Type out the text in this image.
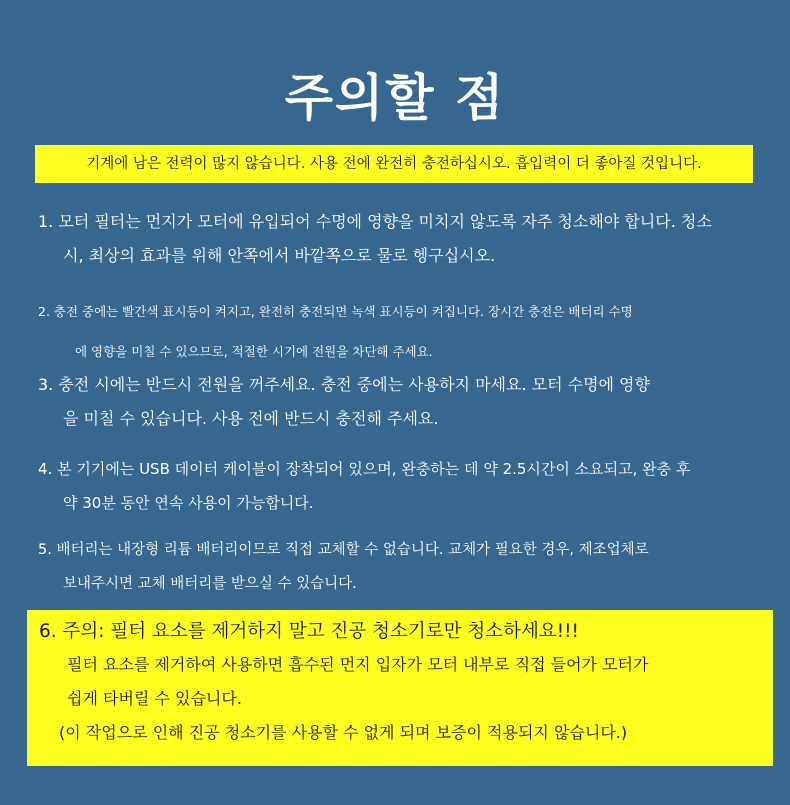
주의할 점
기계에 남은 전력이 많지 않습니다. 사용 전에 완전히 충전하십시오. 흡입력이 더 좋아질 것입니다.
1. 모터 필터는 먼지가 모터에 유입되어 수명에 영향을 미치지 않도록 자주 청소해야 합니다. 청소
시, 최상의 효과를 위해 안쪽에서 바깥쪽으로 물로 헹구십시오.
2. 충전 중에는 빨간색 표시등이 켜지고, 완전히 충전되면 녹색 표시등이 켜집니다. 장시간 충전은 배터리 수명
에 영향을 미칠 수 있으므로, 적절한 시기에 전원을 차단해 주세요.
3. 충전 시에는 반드시 전원을 꺼주세요. 충전 중에는 사용하지 마세요. 모터 수명에 영향
을 미칠 수 있습니다. 사용 전에 반드시 충전해 주세요.
4. 본 기기에는 USB 데이터 케이블이 장착되어 있으며, 완충하는 데 약 2.5시간이 소요되고, 완충 후
약 30분 동안 연속 사용이 가능합니다.
5. 배터리는 내장형 리튬 배터리이므로 직접 교체할 수 없습니다. 교체가 필요한 경우, 제조업체로
보내주시면 교체 배터리를 받으실 수 있습니다.

6. 주의: 필터 요소를 제거하지 말고 진공 청소기로만 청소하세요!!!

필터 요소를 제거하여 사용하면 흡수된 먼지 입자가 모터 내부로 직접 들어가 모터가

쉽게 타버릴 수 있습니다.

(이 작업으로 인해 진공 청소기를 사용할 수 없게 되며 보증이 적용되지 않습니다.)
